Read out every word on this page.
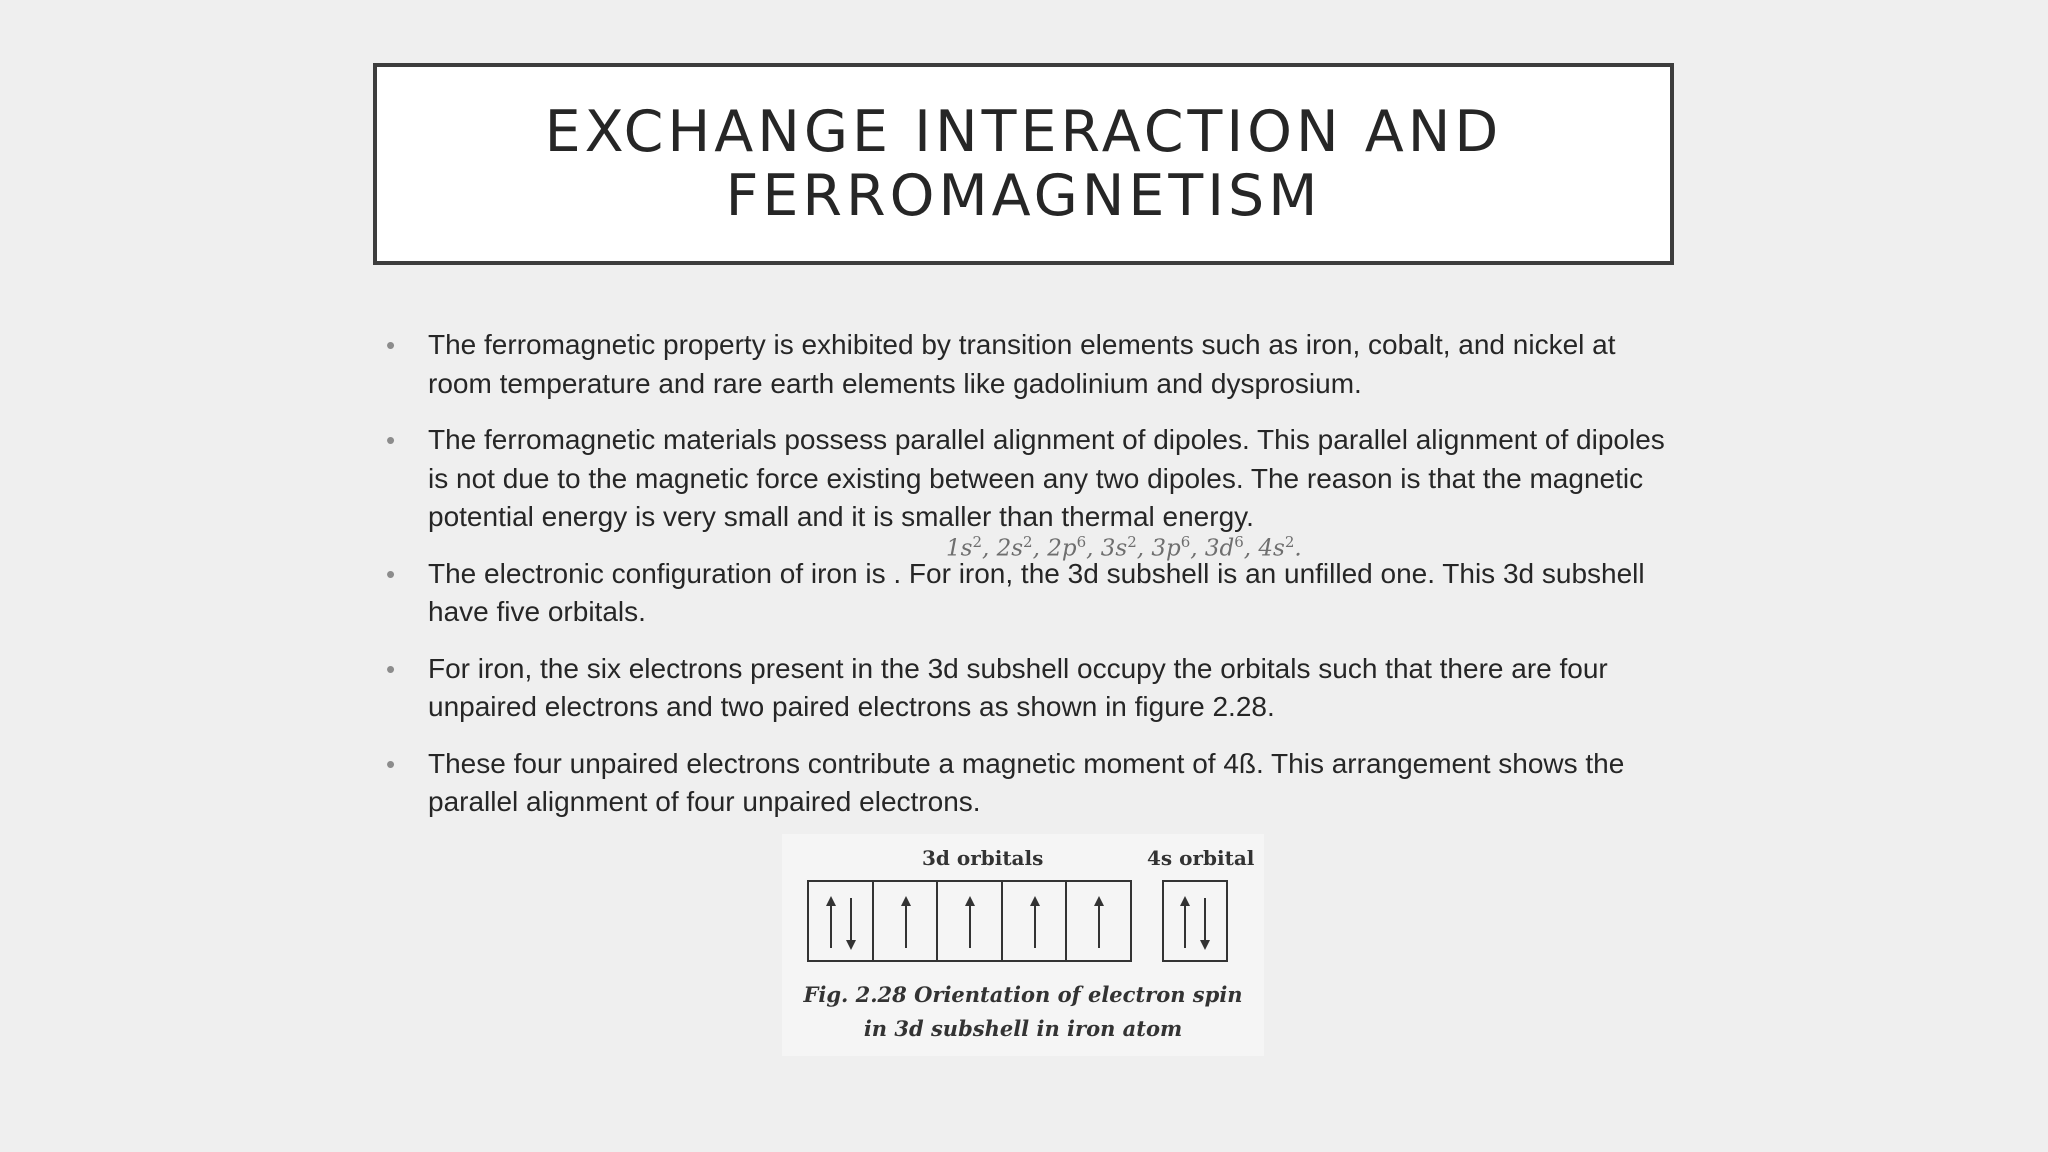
EXCHANGE INTERACTION AND
FERROMAGNETISM
•	The ferromagnetic property is exhibited by transition elements such as iron, cobalt, and nickel at room temperature and rare earth elements like gadolinium and dysprosium.
•	The ferromagnetic materials possess parallel alignment of dipoles. This parallel alignment of dipoles is not due to the magnetic force existing between any two dipoles. The reason is that the magnetic potential energy is very small and it is smaller than thermal energy.
•	The electronic configuration of iron is . For iron, the 3d subshell is an unfilled one. This 3d subshell have five orbitals.
•	For iron, the six electrons present in the 3d subshell occupy the orbitals such that there are four unpaired electrons and two paired electrons as shown in figure 2.28.
•	These four unpaired electrons contribute a magnetic moment of 4ß. This arrangement shows the parallel alignment of four unpaired electrons.
$1s^2$, $2s^2$, $2p^6$, $3s^2$, $3p^6$, $3d^6$, $4s^2$.
3d orbitals	4s orbital
Fig. 2.28 Orientation of electron spin
in 3d subshell in iron atom
